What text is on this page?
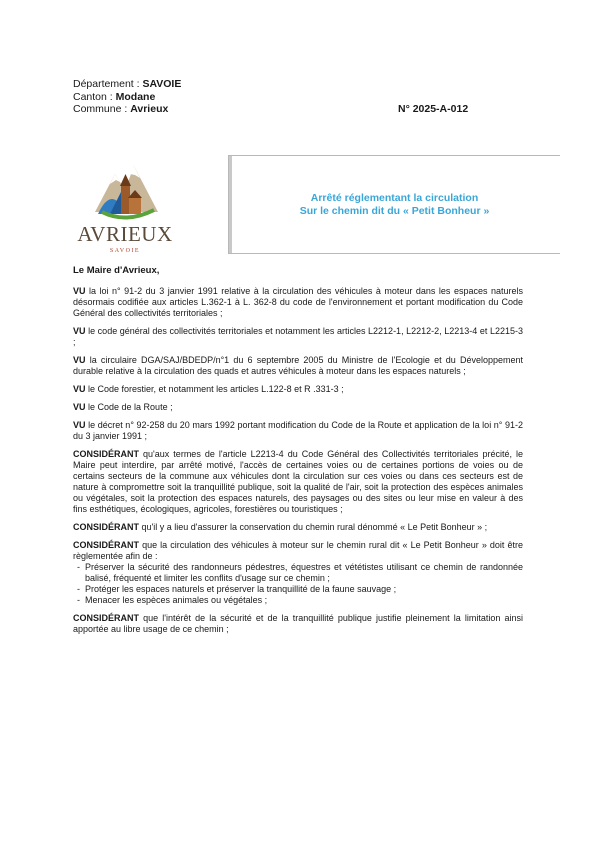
Département : SAVOIE
Canton : Modane
Commune : Avrieux	N° 2025-A-012
AVRIEUX
SAVOIE
Arrêté réglementant la circulation
Sur le chemin dit du « Petit Bonheur »
Le Maire d'Avrieux,
VU la loi n° 91-2 du 3 janvier 1991 relative à la circulation des véhicules à moteur dans les espaces naturels désormais codifiée aux articles L.362-1 à L. 362-8 du code de l'environnement et portant modification du Code Général des collectivités territoriales ;
VU le code général des collectivités territoriales et notamment les articles L2212-1, L2212-2, L2213-4 et L2215-3 ;
VU la circulaire DGA/SAJ/BDEDP/n°1 du 6 septembre 2005 du Ministre de l'Ecologie et du Développement durable relative à la circulation des quads et autres véhicules à moteur dans les espaces naturels ;
VU le Code forestier, et notamment les articles L.122-8 et R .331-3 ;
VU le Code de la Route ;
VU le décret n° 92-258 du 20 mars 1992 portant modification du Code de la Route et application de la loi n° 91-2 du 3 janvier 1991 ;
CONSIDÉRANT qu'aux termes de l'article L2213-4 du Code Général des Collectivités territoriales précité, le Maire peut interdire, par arrêté motivé, l'accès de certaines voies ou de certaines portions de voies ou de certains secteurs de la commune aux véhicules dont la circulation sur ces voies ou dans ces secteurs est de nature à compromettre soit la tranquillité publique, soit la qualité de l'air, soit la protection des espèces animales ou végétales, soit la protection des espaces naturels, des paysages ou des sites ou leur mise en valeur à des fins esthétiques, écologiques, agricoles, forestières ou touristiques ;
CONSIDÉRANT qu'il y a lieu d'assurer la conservation du chemin rural dénommé « Le Petit Bonheur » ;
CONSIDÉRANT que la circulation des véhicules à moteur sur le chemin rural dit « Le Petit Bonheur » doit être règlementée afin de :
- Préserver la sécurité des randonneurs pédestres, équestres et vététistes utilisant ce chemin de randonnée balisé, fréquenté et limiter les conflits d'usage sur ce chemin ;
- Protéger les espaces naturels et préserver la tranquillité de la faune sauvage ;
- Menacer les espèces animales ou végétales ;
CONSIDÉRANT que l'intérêt de la sécurité et de la tranquillité publique justifie pleinement la limitation ainsi apportée au libre usage de ce chemin ;
